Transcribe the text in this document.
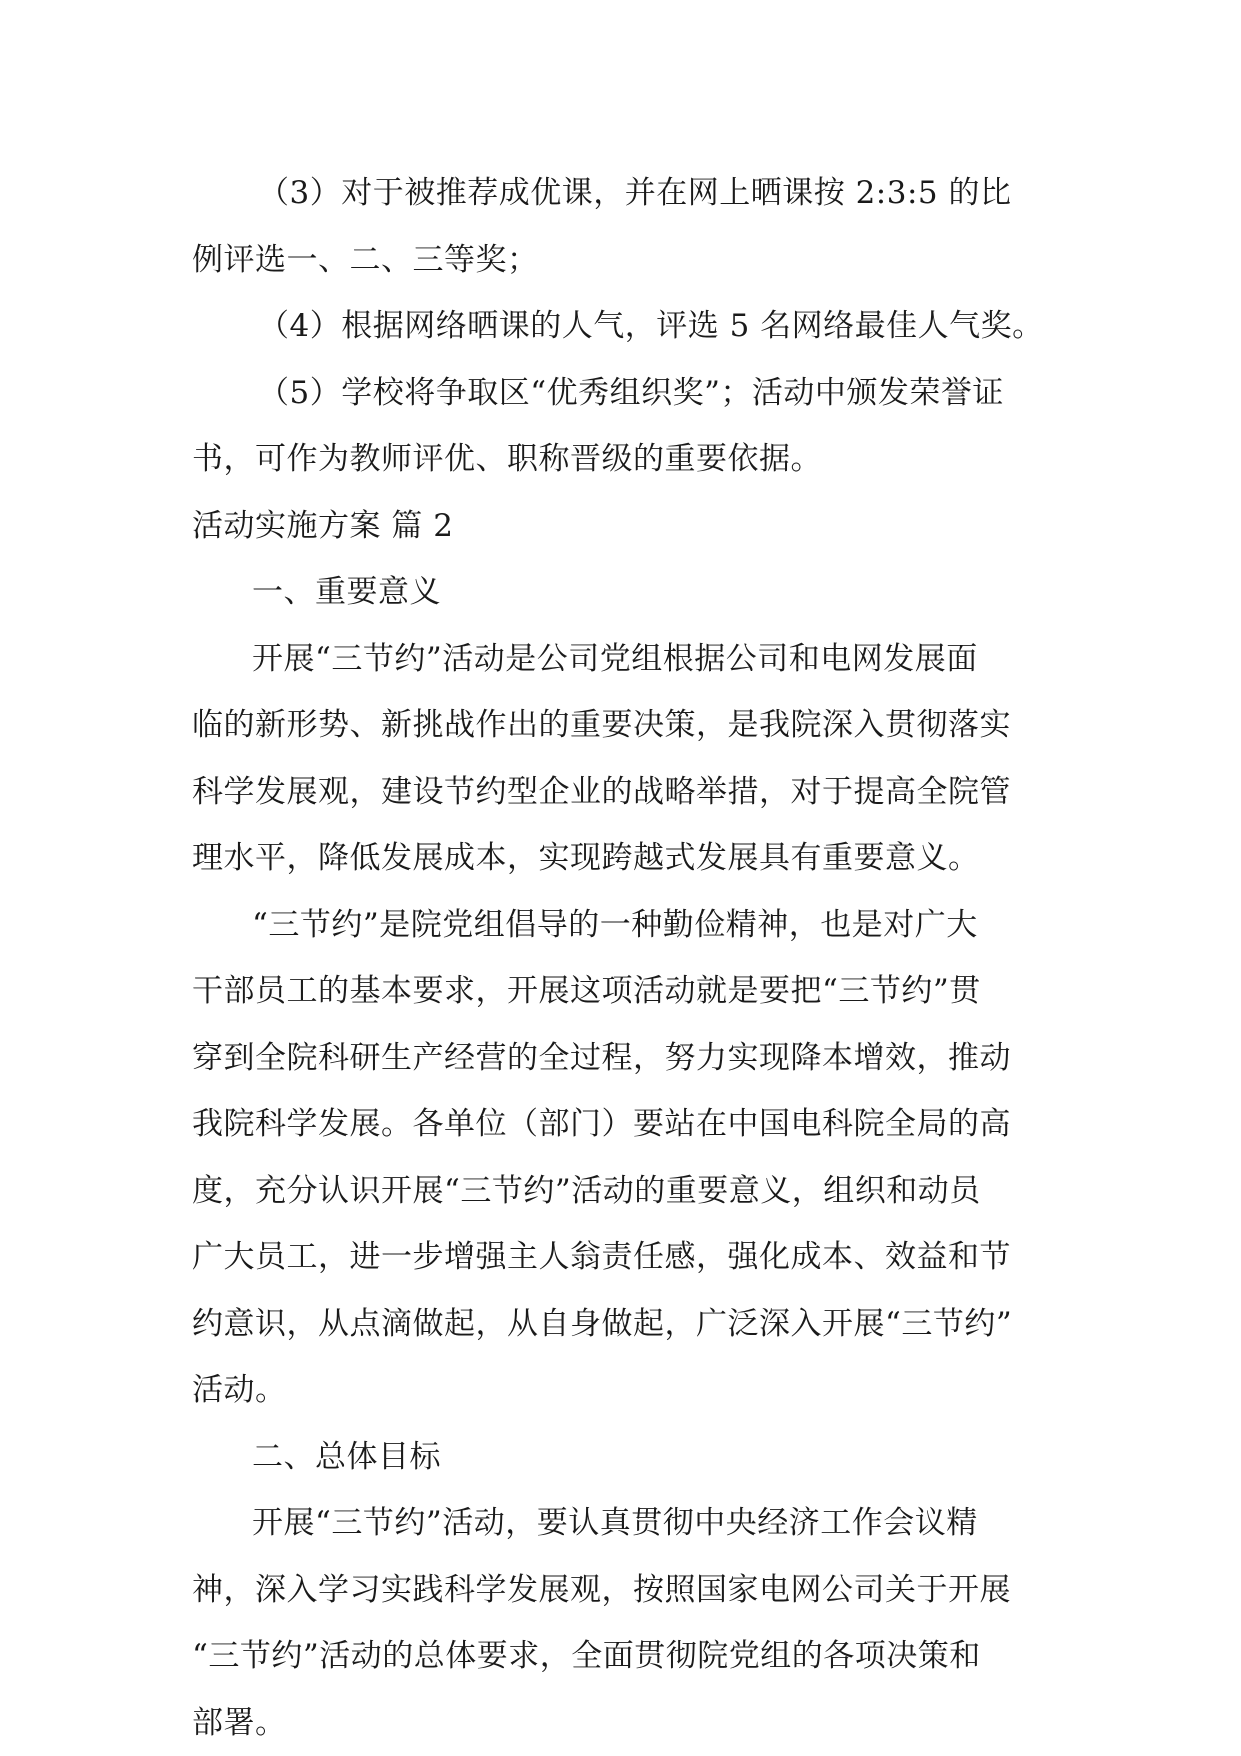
（3）对于被推荐成优课，并在网上晒课按 2:3:5 的比
例评选一、二、三等奖；
（4）根据网络晒课的人气，评选 5 名网络最佳人气奖。
（5）学校将争取区“优秀组织奖”；活动中颁发荣誉证
书，可作为教师评优、职称晋级的重要依据。
活动实施方案 篇 2
一、重要意义
开展“三节约”活动是公司党组根据公司和电网发展面
临的新形势、新挑战作出的重要决策，是我院深入贯彻落实
科学发展观，建设节约型企业的战略举措，对于提高全院管
理水平，降低发展成本，实现跨越式发展具有重要意义。
“三节约”是院党组倡导的一种勤俭精神，也是对广大
干部员工的基本要求，开展这项活动就是要把“三节约”贯
穿到全院科研生产经营的全过程，努力实现降本增效，推动
我院科学发展。各单位（部门）要站在中国电科院全局的高
度，充分认识开展“三节约”活动的重要意义，组织和动员
广大员工，进一步增强主人翁责任感，强化成本、效益和节
约意识，从点滴做起，从自身做起，广泛深入开展“三节约”
活动。
二、总体目标
开展“三节约”活动，要认真贯彻中央经济工作会议精
神，深入学习实践科学发展观，按照国家电网公司关于开展
“三节约”活动的总体要求，全面贯彻院党组的各项决策和
部署。
